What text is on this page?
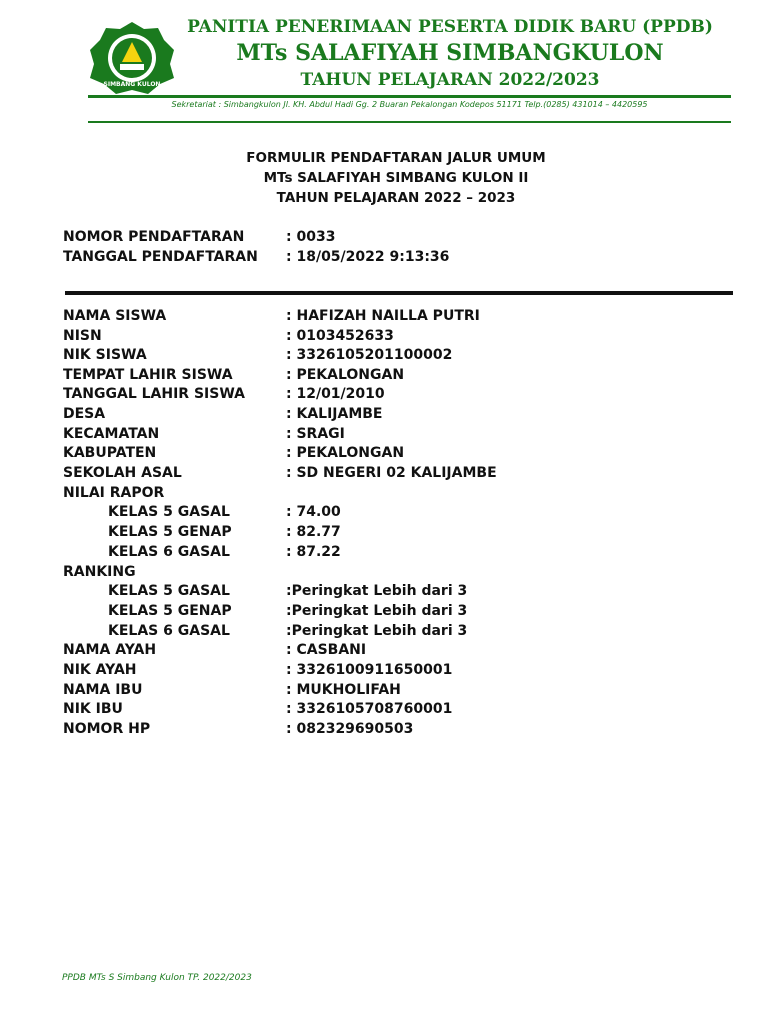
SIMBANG KULON
PANITIA PENERIMAAN PESERTA DIDIK BARU (PPDB)
MTs SALAFIYAH SIMBANGKULON
TAHUN PELAJARAN 2022/2023
Sekretariat : Simbangkulon Jl. KH. Abdul Hadi Gg. 2 Buaran Pekalongan Kodepos 51171 Telp.(0285) 431014 – 4420595
FORMULIR PENDAFTARAN JALUR UMUM
MTs SALAFIYAH SIMBANG KULON II
TAHUN PELAJARAN 2022 – 2023
NOMOR PENDAFTARAN	: 0033
TANGGAL PENDAFTARAN : 18/05/2022 9:13:36
NAMA SISWA	: HAFIZAH NAILLA PUTRI
NISN	: 0103452633
NIK SISWA	: 3326105201100002
TEMPAT LAHIR SISWA	: PEKALONGAN
TANGGAL LAHIR SISWA	: 12/01/2010
DESA	: KALIJAMBE
KECAMATAN	: SRAGI
KABUPATEN	: PEKALONGAN
SEKOLAH ASAL	: SD NEGERI 02 KALIJAMBE
NILAI RAPOR
KELAS 5 GASAL	: 74.00
KELAS 5 GENAP	: 82.77
KELAS 6 GASAL	: 87.22
RANKING
KELAS 5 GASAL	:Peringkat Lebih dari 3
KELAS 5 GENAP	:Peringkat Lebih dari 3
KELAS 6 GASAL	:Peringkat Lebih dari 3
NAMA AYAH	: CASBANI
NIK AYAH	: 3326100911650001
NAMA IBU	: MUKHOLIFAH
NIK IBU	: 3326105708760001
NOMOR HP	: 082329690503
PPDB MTs S Simbang Kulon TP. 2022/2023
